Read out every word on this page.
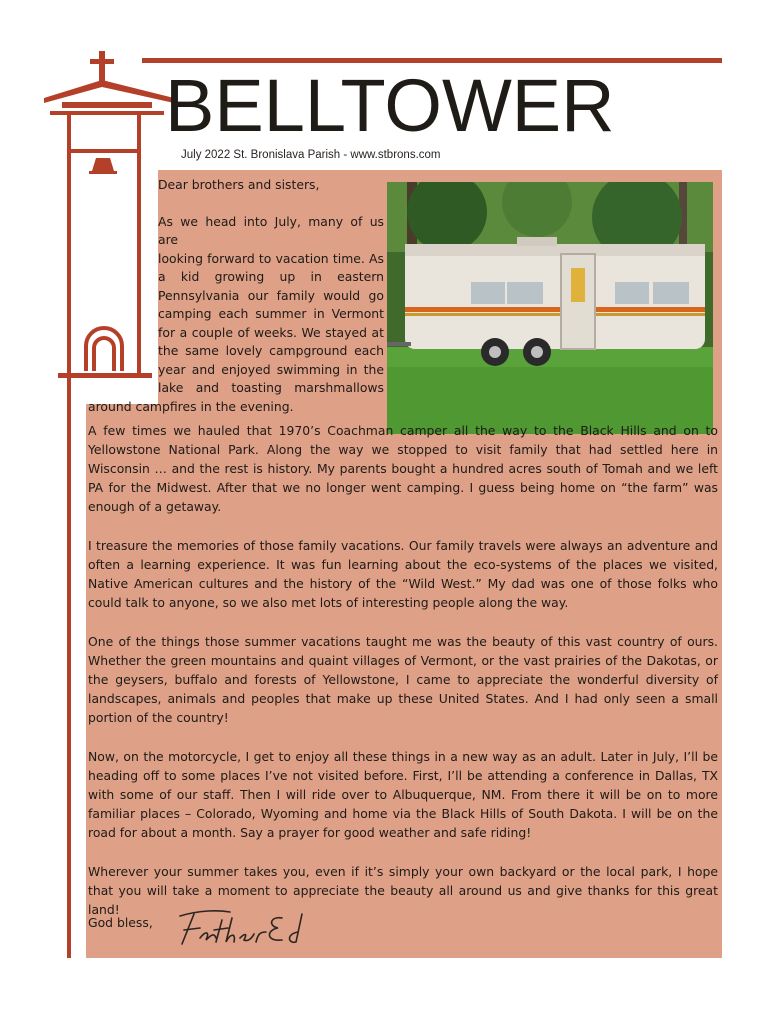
BELLTOWER
July 2022 St. Bronislava Parish - www.stbrons.com

Dear brothers and sisters,

As we head into July, many of us are

looking forward to vacation time. As

a kid growing up in eastern

Pennsylvania our family would go

camping each summer in Vermont

for a couple of weeks. We stayed at

the same lovely campground each

year and enjoyed swimming in the

lake and toasting marshmallows

around campfires in the evening.

A few times we hauled that 1970’s Coachman camper all the way to the Black Hills and on to Yellowstone National Park. Along the way we stopped to visit family that had settled here in Wisconsin … and the rest is history. My parents bought a hundred acres south of Tomah and we left PA for the Midwest. After that we no longer went camping. I guess being home on “the farm” was enough of a getaway.

I treasure the memories of those family vacations. Our family travels were always an adventure and often a learning experience. It was fun learning about the eco-systems of the places we visited, Native American cultures and the history of the “Wild West.” My dad was one of those folks who could talk to anyone, so we also met lots of interesting people along the way.

One of the things those summer vacations taught me was the beauty of this vast country of ours. Whether the green mountains and quaint villages of Vermont, or the vast prairies of the Dakotas, or the geysers, buffalo and forests of Yellowstone, I came to appreciate the wonderful diversity of landscapes, animals and peoples that make up these United States. And I had only seen a small portion of the country!

Now, on the motorcycle, I get to enjoy all these things in a new way as an adult. Later in July, I’ll be heading off to some places I’ve not visited before. First, I’ll be attending a conference in Dallas, TX with some of our staff. Then I will ride over to Albuquerque, NM. From there it will be on to more familiar places – Colorado, Wyoming and home via the Black Hills of South Dakota. I will be on the road for about a month. Say a prayer for good weather and safe riding!

Wherever your summer takes you, even if it’s simply your own backyard or the local park, I hope that you will take a moment to appreciate the beauty all around us and give thanks for this great land!

God bless,
